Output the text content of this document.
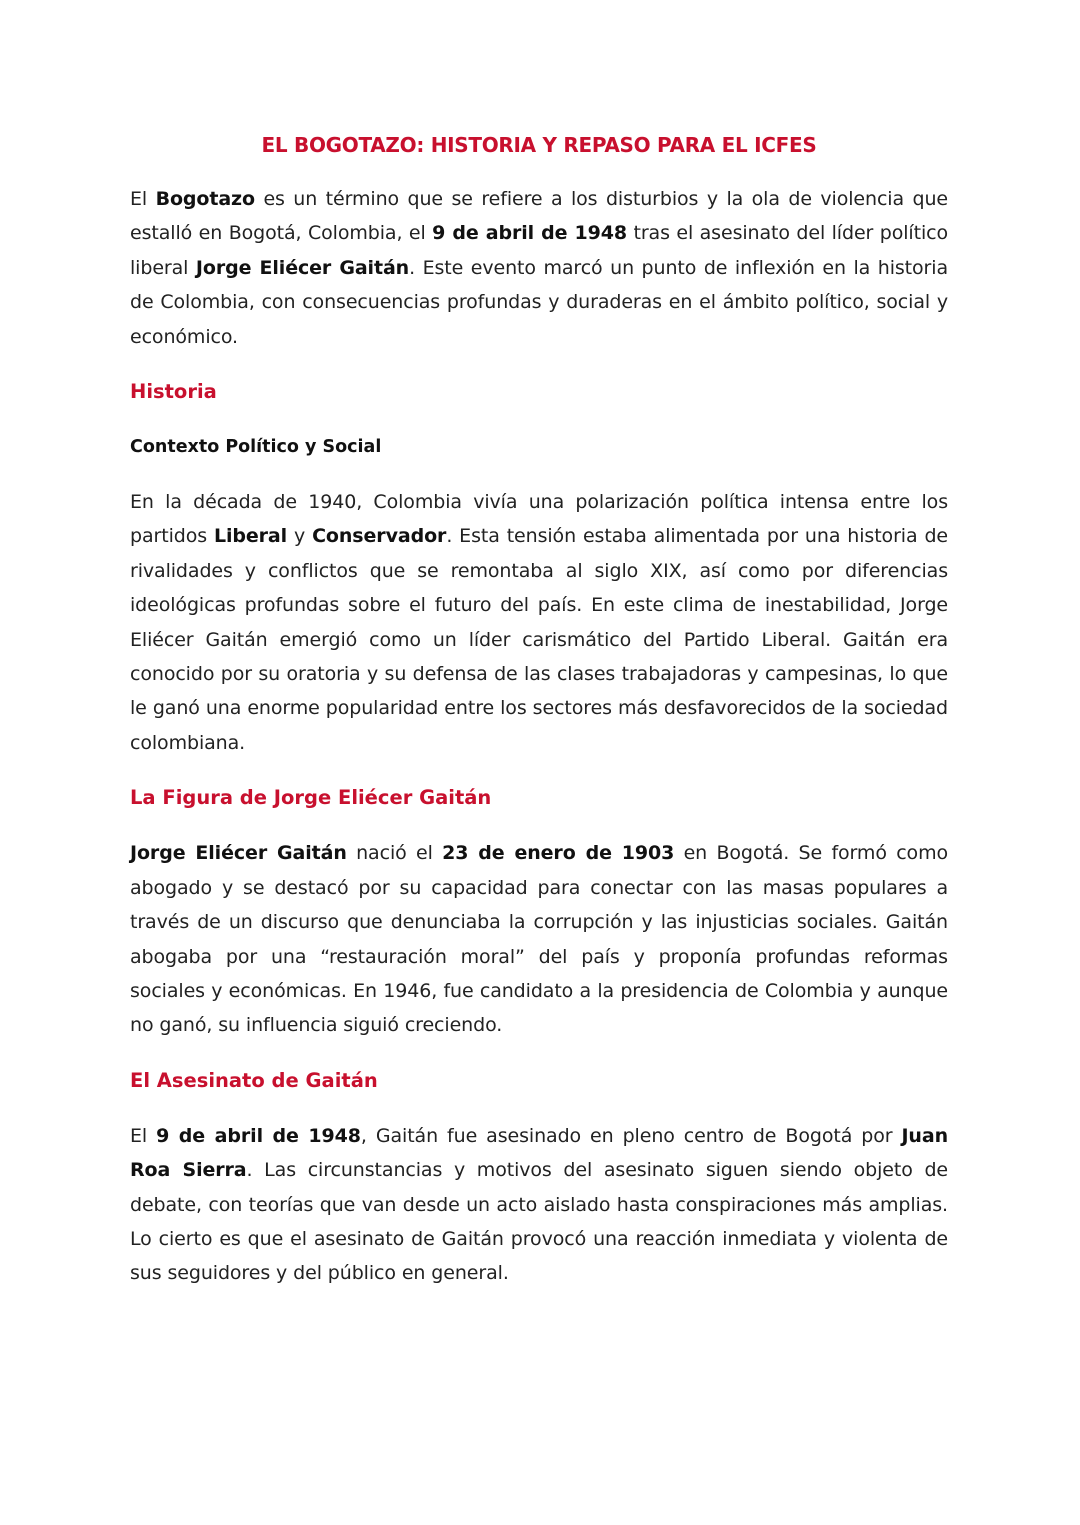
EL BOGOTAZO: HISTORIA Y REPASO PARA EL ICFES

El Bogotazo es un término que se refiere a los disturbios y la ola de violencia que estalló en Bogotá, Colombia, el 9 de abril de 1948 tras el asesinato del líder político liberal Jorge Eliécer Gaitán. Este evento marcó un punto de inflexión en la historia de Colombia, con consecuencias profundas y duraderas en el ámbito político, social y económico.

Historia
Contexto Político y Social

En la década de 1940, Colombia vivía una polarización política intensa entre los partidos Liberal y Conservador. Esta tensión estaba alimentada por una historia de rivalidades y conflictos que se remontaba al siglo XIX, así como por diferencias ideológicas profundas sobre el futuro del país. En este clima de inestabilidad, Jorge Eliécer Gaitán emergió como un líder carismático del Partido Liberal. Gaitán era conocido por su oratoria y su defensa de las clases trabajadoras y campesinas, lo que le ganó una enorme popularidad entre los sectores más desfavorecidos de la sociedad colombiana.

La Figura de Jorge Eliécer Gaitán

Jorge Eliécer Gaitán nació el 23 de enero de 1903 en Bogotá. Se formó como abogado y se destacó por su capacidad para conectar con las masas populares a través de un discurso que denunciaba la corrupción y las injusticias sociales. Gaitán abogaba por una “restauración moral” del país y proponía profundas reformas sociales y económicas. En 1946, fue candidato a la presidencia de Colombia y aunque no ganó, su influencia siguió creciendo.

El Asesinato de Gaitán

El 9 de abril de 1948, Gaitán fue asesinado en pleno centro de Bogotá por Juan Roa Sierra. Las circunstancias y motivos del asesinato siguen siendo objeto de debate, con teorías que van desde un acto aislado hasta conspiraciones más amplias. Lo cierto es que el asesinato de Gaitán provocó una reacción inmediata y violenta de sus seguidores y del público en general.
